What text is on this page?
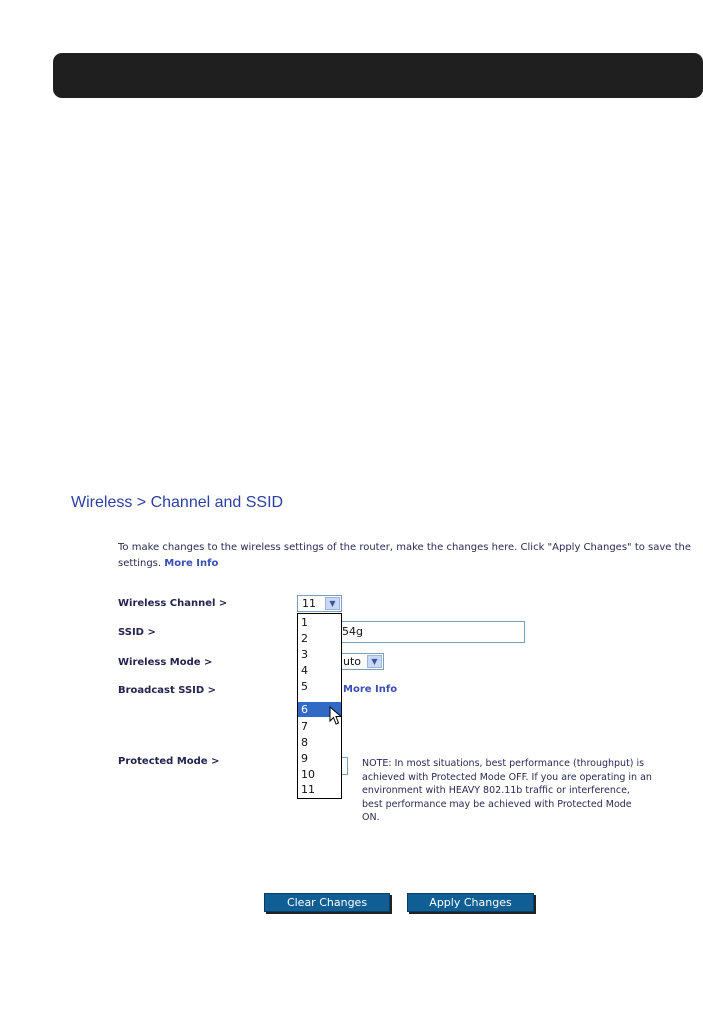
Wireless > Channel and SSID
To make changes to the wireless settings of the router, make the changes here. Click "Apply Changes" to save the settings. More Info
Wireless Channel >	11	▼
SSID >	54g
Wireless Mode >	uto	▼
Broadcast SSID >	More Info
Protected Mode >	NOTE: In most situations, best performance (throughput) is achieved with Protected Mode OFF. If you are operating in an environment with HEAVY 802.11b traffic or interference, best performance may be achieved with Protected Mode ON.
1
2
3
4
5
6
7
8
9
10
11
Clear Changes	Apply Changes
